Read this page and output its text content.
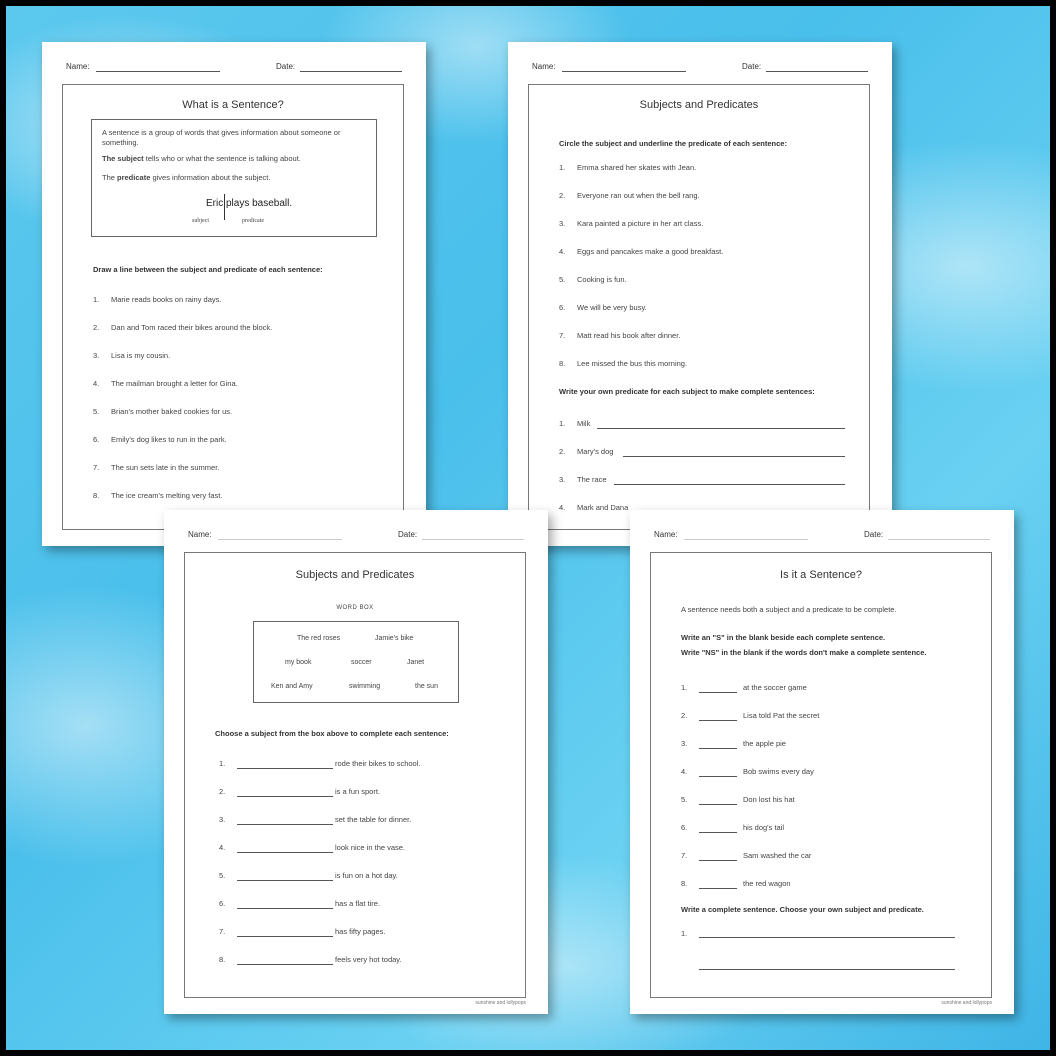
Name:	Date:
What is a Sentence?
A sentence is a group of words that gives information about someone or something.
The subject tells who or what the sentence is talking about.
The predicate gives information about the subject.
Eric plays baseball.
subject	predicate
Draw a line between the subject and predicate of each sentence:
1. Marie reads books on rainy days.
2. Dan and Tom raced their bikes around the block.
3. Lisa is my cousin.
4. The mailman brought a letter for Gina.
5. Brian's mother baked cookies for us.
6. Emily's dog likes to run in the park.
7. The sun sets late in the summer.
8. The ice cream's melting very fast.
Name:	Date:
Subjects and Predicates
Circle the subject and underline the predicate of each sentence:
1. Emma shared her skates with Jean.
2. Everyone ran out when the bell rang.
3. Kara painted a picture in her art class.
4. Eggs and pancakes make a good breakfast.
5. Cooking is fun.
6. We will be very busy.
7. Matt read his book after dinner.
8. Lee missed the bus this morning.
Write your own predicate for each subject to make complete sentences:
1. Milk
2. Mary's dog
3. The race
4. Mark and Dana
Name:	Date:
Subjects and Predicates
WORD BOX
The red roses	Jamie's bike
my book	soccer	Janet
Ken and Amy	swimming	the sun
Choose a subject from the box above to complete each sentence:
1.	rode their bikes to school.
2.	is a fun sport.
3.	set the table for dinner.
4.	look nice in the vase.
5.	is fun on a hot day.
6.	has a flat tire.
7.	has fifty pages.
8.	feels very hot today.
sunshine and lollypops
Name:	Date:
Is it a Sentence?
A sentence needs both a subject and a predicate to be complete.
Write an "S" in the blank beside each complete sentence.
Write "NS" in the blank if the words don't make a complete sentence.
1.	at the soccer game
2.	Lisa told Pat the secret
3.	the apple pie
4.	Bob swims every day
5.	Don lost his hat
6.	his dog's tail
7.	Sam washed the car
8.	the red wagon
Write a complete sentence. Choose your own subject and predicate.
1.
sunshine and lollypops
